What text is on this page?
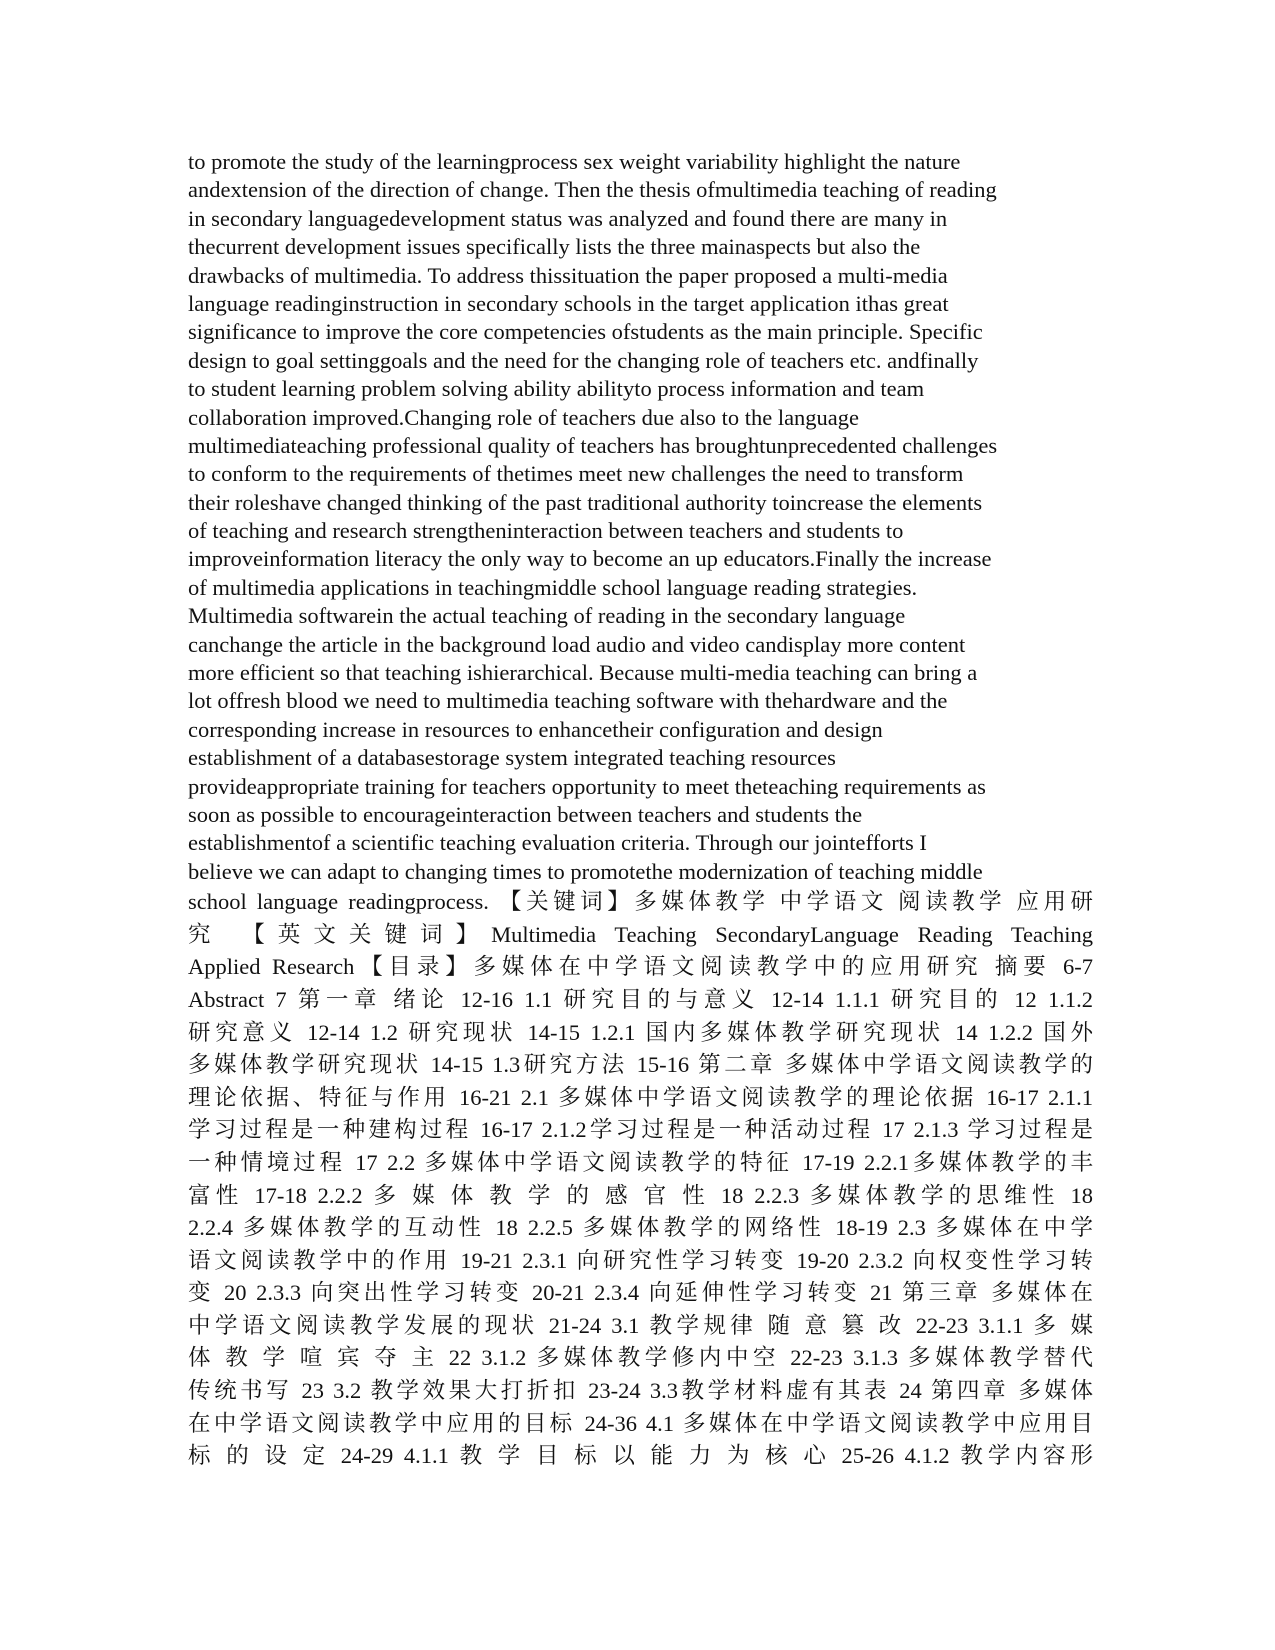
to promote the study of the learningprocess sex weight variability highlight the nature
andextension of the direction of change. Then the thesis ofmultimedia teaching of reading
in secondary languagedevelopment status was analyzed and found there are many in
thecurrent development issues specifically lists the three mainaspects but also the
drawbacks of multimedia. To address thissituation the paper proposed a multi-media
language readinginstruction in secondary schools in the target application ithas great
significance to improve the core competencies ofstudents as the main principle. Specific
design to goal settinggoals and the need for the changing role of teachers etc. andfinally
to student learning problem solving ability abilityto process information and team
collaboration improved.Changing role of teachers due also to the language
multimediateaching professional quality of teachers has broughtunprecedented challenges
to conform to the requirements of thetimes meet new challenges the need to transform
their roleshave changed thinking of the past traditional authority toincrease the elements
of teaching and research strengtheninteraction between teachers and students to
improveinformation literacy the only way to become an up educators.Finally the increase
of multimedia applications in teachingmiddle school language reading strategies.
Multimedia softwarein the actual teaching of reading in the secondary language
canchange the article in the background load audio and video candisplay more content
more efficient so that teaching ishierarchical. Because multi-media teaching can bring a
lot offresh blood we need to multimedia teaching software with thehardware and the
corresponding increase in resources to enhancetheir configuration and design
establishment of a databasestorage system integrated teaching resources
provideappropriate training for teachers opportunity to meet theteaching requirements as
soon as possible to encourageinteraction between teachers and students the
establishmentof a scientific teaching evaluation criteria. Through our jointefforts I
believe we can adapt to changing times to promotethe modernization of teaching middle
school language readingprocess. 【关键词】多媒体教学 中学语文 阅读教学 应用研
究 【英文关键词】Multimedia Teaching SecondaryLanguage Reading Teaching
Applied Research【目录】多媒体在中学语文阅读教学中的应用研究 摘要 6-7
Abstract 7 第一章 绪论 12-16 1.1 研究目的与意义 12-14 1.1.1 研究目的 12 1.1.2
研究意义 12-14 1.2 研究现状 14-15 1.2.1 国内多媒体教学研究现状 14 1.2.2 国外
多媒体教学研究现状 14-15 1.3研究方法 15-16 第二章 多媒体中学语文阅读教学的
理论依据、特征与作用 16-21 2.1 多媒体中学语文阅读教学的理论依据 16-17 2.1.1
学习过程是一种建构过程 16-17 2.1.2学习过程是一种活动过程 17 2.1.3 学习过程是
一种情境过程 17 2.2 多媒体中学语文阅读教学的特征 17-19 2.2.1多媒体教学的丰
富性 17-18 2.2.2 多 媒 体 教 学 的 感 官 性 18 2.2.3 多媒体教学的思维性 18
2.2.4 多媒体教学的互动性 18 2.2.5 多媒体教学的网络性 18-19 2.3 多媒体在中学
语文阅读教学中的作用 19-21 2.3.1 向研究性学习转变 19-20 2.3.2 向权变性学习转
变 20 2.3.3 向突出性学习转变 20-21 2.3.4 向延伸性学习转变 21 第三章 多媒体在
中学语文阅读教学发展的现状 21-24 3.1 教学规律 随 意 篡 改 22-23 3.1.1 多 媒
体 教 学 喧 宾 夺 主 22 3.1.2 多媒体教学修内中空 22-23 3.1.3 多媒体教学替代
传统书写 23 3.2 教学效果大打折扣 23-24 3.3教学材料虚有其表 24 第四章 多媒体
在中学语文阅读教学中应用的目标 24-36 4.1 多媒体在中学语文阅读教学中应用目
标 的 设 定 24-29 4.1.1 教 学 目 标 以 能 力 为 核 心 25-26 4.1.2 教学内容形
